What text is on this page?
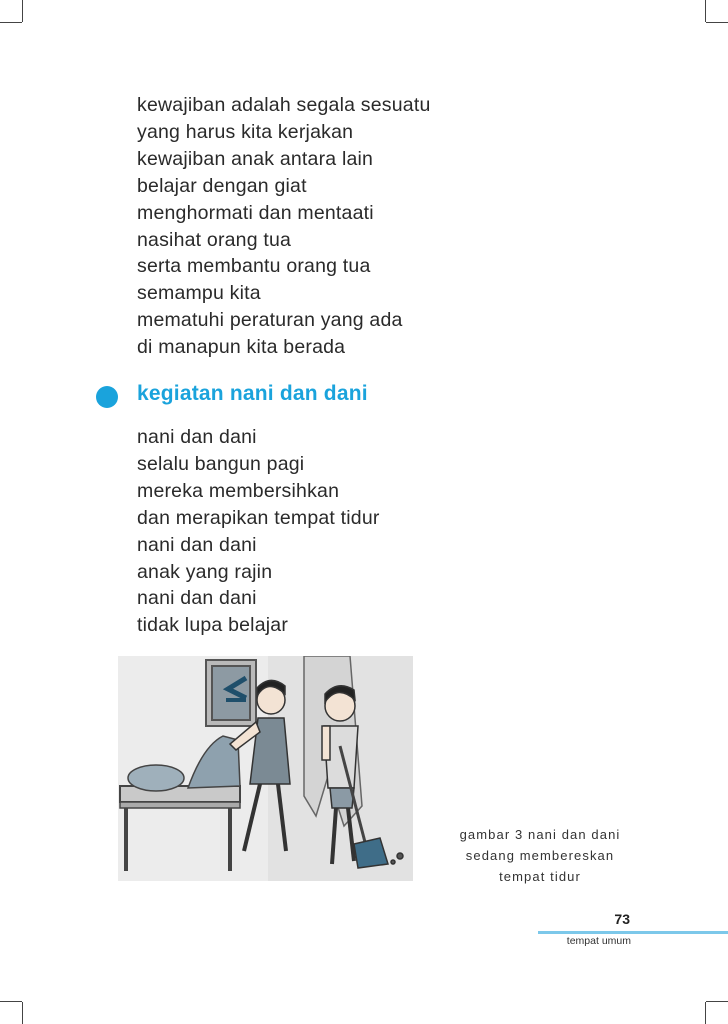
kewajiban adalah segala sesuatu
yang harus kita kerjakan
kewajiban anak antara lain
belajar dengan giat
menghormati dan mentaati
nasihat orang tua
serta membantu orang tua
semampu kita
mematuhi peraturan yang ada
di manapun kita berada
kegiatan nani dan dani
nani dan dani
selalu bangun pagi
mereka membersihkan
dan merapikan tempat tidur
nani dan dani
anak yang rajin
nani dan dani
tidak lupa belajar
gambar 3 nani dan dani
sedang membereskan
tempat tidur
73
tempat umum
